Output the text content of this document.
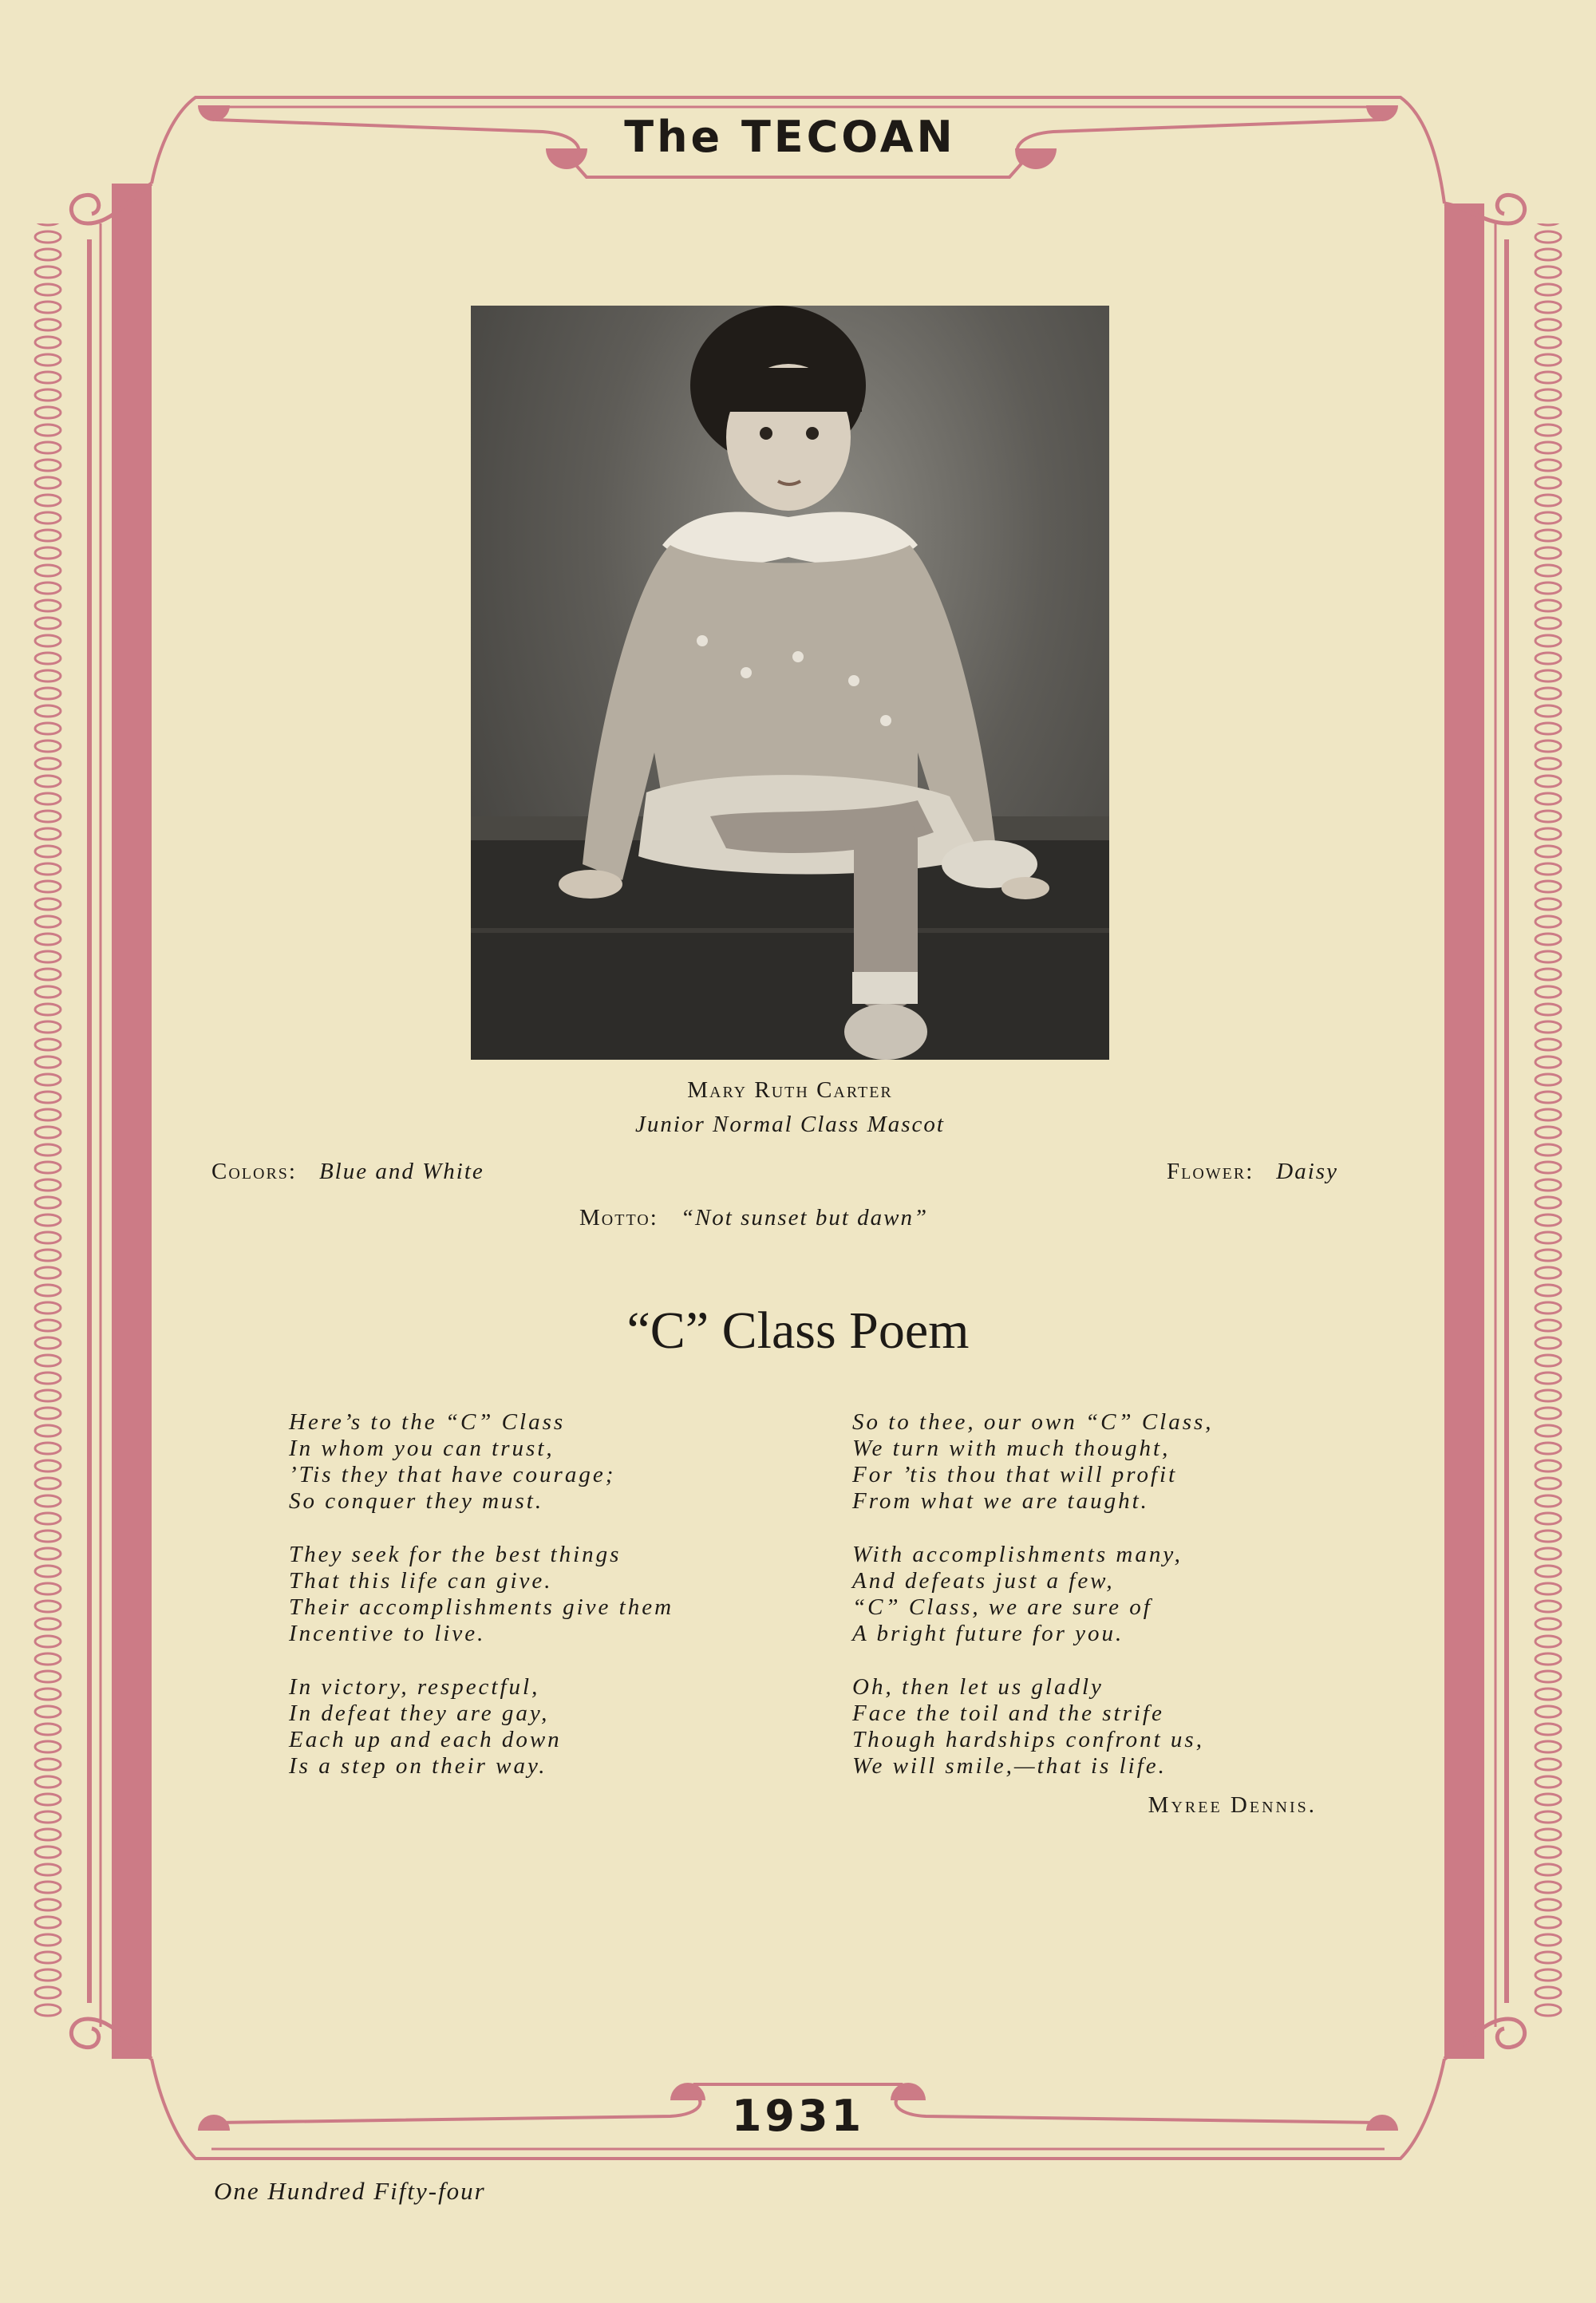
The TECOAN
Mary Ruth Carter
Junior Normal Class Mascot
Colors: Blue and White	Flower: Daisy
Motto: “Not sunset but dawn”
“C” Class Poem
Here’s to the “C” Class
In whom you can trust,
’Tis they that have courage;
So conquer they must.
They seek for the best things
That this life can give.
Their accomplishments give them
Incentive to live.
In victory, respectful,
In defeat they are gay,
Each up and each down
Is a step on their way.
So to thee, our own “C” Class,
We turn with much thought,
For ’tis thou that will profit
From what we are taught.
With accomplishments many,
And defeats just a few,
“C” Class, we are sure of
A bright future for you.
Oh, then let us gladly
Face the toil and the strife
Though hardships confront us,
We will smile,—that is life.
Myree Dennis.
1931
One Hundred Fifty-four
